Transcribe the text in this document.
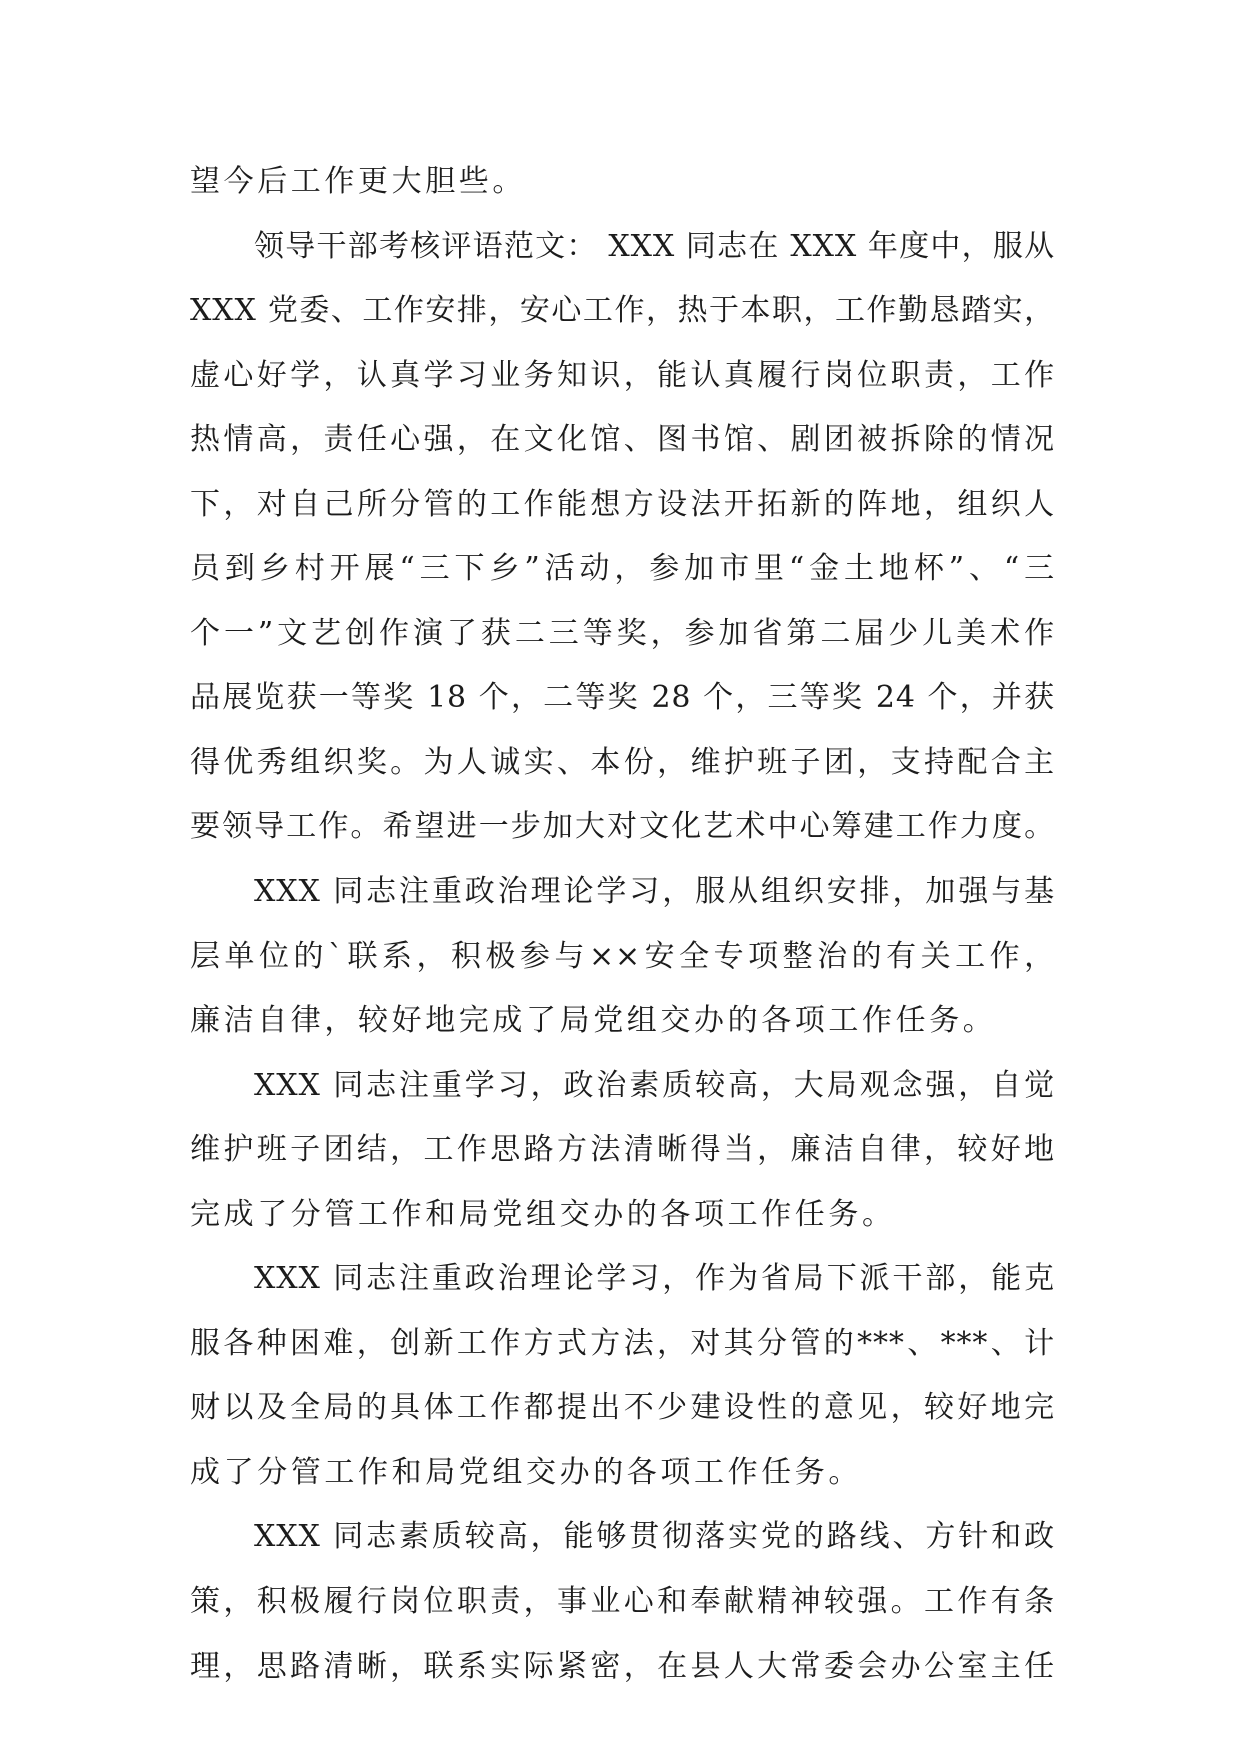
望今后工作更大胆些。
领导干部考核评语范文： XXX 同志在 XXX 年度中，服从
XXX 党委、工作安排，安心工作，热于本职，工作勤恳踏实，
虚心好学，认真学习业务知识，能认真履行岗位职责，工作
热情高，责任心强，在文化馆、图书馆、剧团被拆除的情况
下，对自己所分管的工作能想方设法开拓新的阵地，组织人
员到乡村开展“三下乡”活动，参加市里“金土地杯”、“三
个一”文艺创作演了获二三等奖，参加省第二届少儿美术作
品展览获一等奖 18 个，二等奖 28 个，三等奖 24 个，并获
得优秀组织奖。为人诚实、本份，维护班子团，支持配合主
要领导工作。希望进一步加大对文化艺术中心筹建工作力度。
XXX 同志注重政治理论学习，服从组织安排，加强与基
层单位的`联系，积极参与××安全专项整治的有关工作，
廉洁自律，较好地完成了局党组交办的各项工作任务。
XXX 同志注重学习，政治素质较高，大局观念强，自觉
维护班子团结，工作思路方法清晰得当，廉洁自律，较好地
完成了分管工作和局党组交办的各项工作任务。
XXX 同志注重政治理论学习，作为省局下派干部，能克
服各种困难，创新工作方式方法，对其分管的***、***、计
财以及全局的具体工作都提出不少建设性的意见，较好地完
成了分管工作和局党组交办的各项工作任务。
XXX 同志素质较高，能够贯彻落实党的路线、方针和政
策，积极履行岗位职责，事业心和奉献精神较强。工作有条
理，思路清晰，联系实际紧密，在县人大常委会办公室主任
